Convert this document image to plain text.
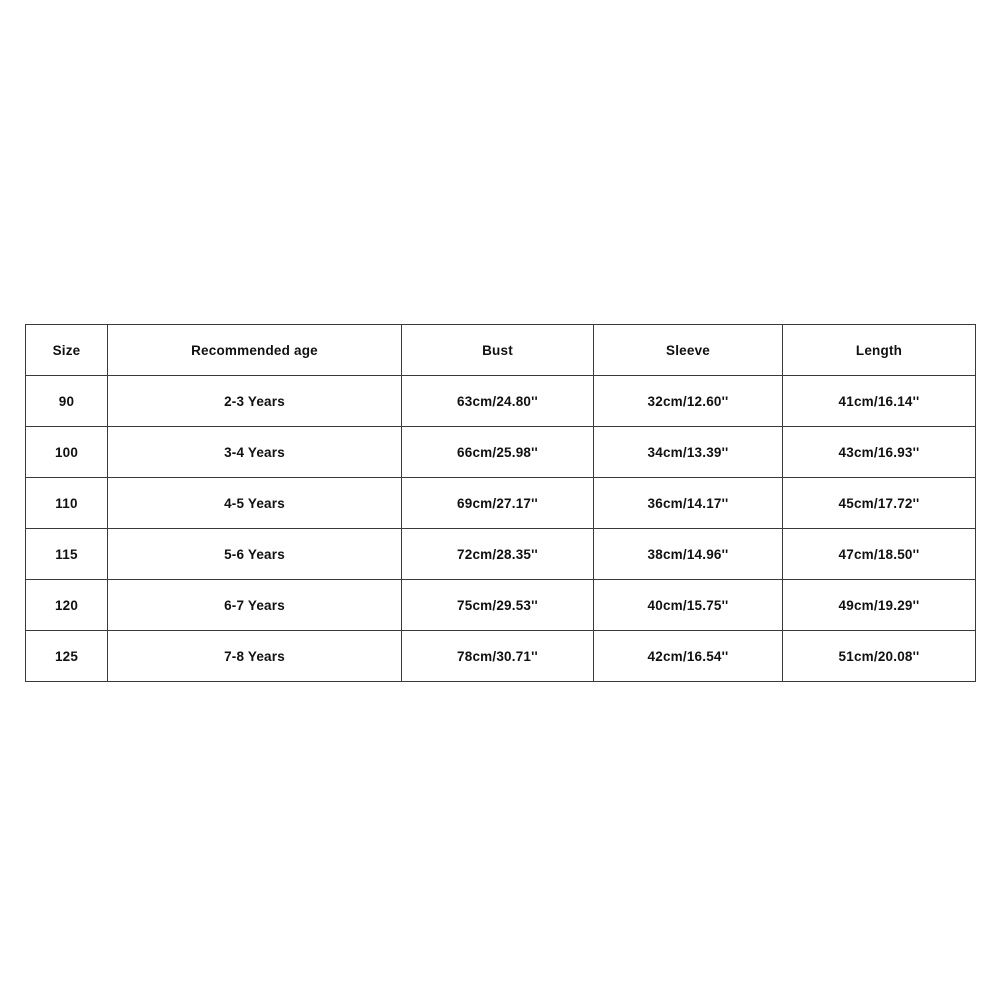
Size	Recommended age	Bust	Sleeve	Length
90	2-3 Years	63cm/24.80''	32cm/12.60''	41cm/16.14''
100	3-4 Years	66cm/25.98''	34cm/13.39''	43cm/16.93''
110	4-5 Years	69cm/27.17''	36cm/14.17''	45cm/17.72''
115	5-6 Years	72cm/28.35''	38cm/14.96''	47cm/18.50''
120	6-7 Years	75cm/29.53''	40cm/15.75''	49cm/19.29''
125	7-8 Years	78cm/30.71''	42cm/16.54''	51cm/20.08''
